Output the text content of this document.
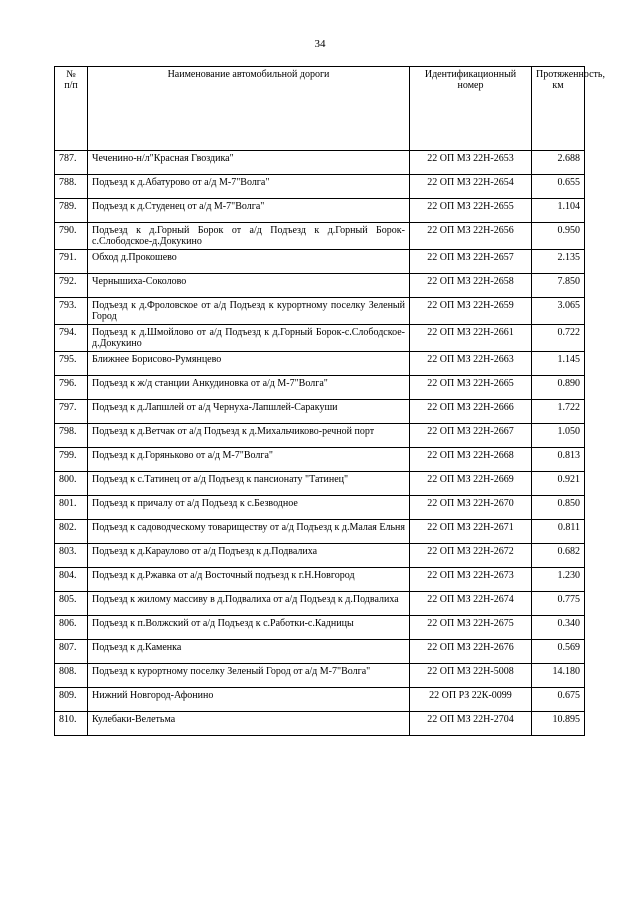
34
№
п/п	Наименование автомобильной дороги	Идентификационный номер	Протяженность, км
787.	Чеченино-н/л"Красная Гвоздика"	22 ОП МЗ 22Н-2653	2.688
788.	Подъезд к д.Абатурово от а/д М-7"Волга"	22 ОП МЗ 22Н-2654	0.655
789.	Подъезд к д.Студенец от а/д М-7"Волга"	22 ОП МЗ 22Н-2655	1.104
790.	Подъезд к д.Горный Борок от а/д Подъезд к д.Горный Борок-с.Слободское-д.Докукино	22 ОП МЗ 22Н-2656	0.950
791.	Обход д.Прокошево	22 ОП МЗ 22Н-2657	2.135
792.	Чернышиха-Соколово	22 ОП МЗ 22Н-2658	7.850
793.	Подъезд к д.Фроловское от а/д Подъезд к курортному поселку Зеленый Город	22 ОП МЗ 22Н-2659	3.065
794.	Подъезд к д.Шмойлово от а/д Подъезд к д.Горный Борок-с.Слободское-д.Докукино	22 ОП МЗ 22Н-2661	0.722
795.	Ближнее Борисово-Румянцево	22 ОП МЗ 22Н-2663	1.145
796.	Подъезд к ж/д станции Анкудиновка от а/д М-7"Волга"	22 ОП МЗ 22Н-2665	0.890
797.	Подъезд к д.Лапшлей от а/д Чернуха-Лапшлей-Саракуши	22 ОП МЗ 22Н-2666	1.722
798.	Подъезд к д.Ветчак от а/д Подъезд к д.Михальчиково-речной порт	22 ОП МЗ 22Н-2667	1.050
799.	Подъезд к д.Горяньково от а/д М-7"Волга"	22 ОП МЗ 22Н-2668	0.813
800.	Подъезд к с.Татинец от а/д Подъезд к пансионату "Татинец"	22 ОП МЗ 22Н-2669	0.921
801.	Подъезд к причалу от а/д Подъезд к с.Безводное	22 ОП МЗ 22Н-2670	0.850
802.	Подъезд к садоводческому товариществу от а/д Подъезд к д.Малая Ельня	22 ОП МЗ 22Н-2671	0.811
803.	Подъезд к д.Караулово от а/д Подъезд к д.Подвалиха	22 ОП МЗ 22Н-2672	0.682
804.	Подъезд к д.Ржавка от а/д Восточный подъезд к г.Н.Новгород	22 ОП МЗ 22Н-2673	1.230
805.	Подъезд к жилому массиву в д.Подвалиха от а/д Подъезд к д.Подвалиха	22 ОП МЗ 22Н-2674	0.775
806.	Подъезд к п.Волжский от а/д Подъезд к с.Работки-с.Кадницы	22 ОП МЗ 22Н-2675	0.340
807.	Подъезд к д.Каменка	22 ОП МЗ 22Н-2676	0.569
808.	Подъезд к курортному поселку Зеленый Город от а/д М-7"Волга"	22 ОП МЗ 22Н-5008	14.180
809.	Нижний Новгород-Афонино	22 ОП РЗ 22К-0099	0.675
810.	Кулебаки-Велетьма	22 ОП МЗ 22Н-2704	10.895
